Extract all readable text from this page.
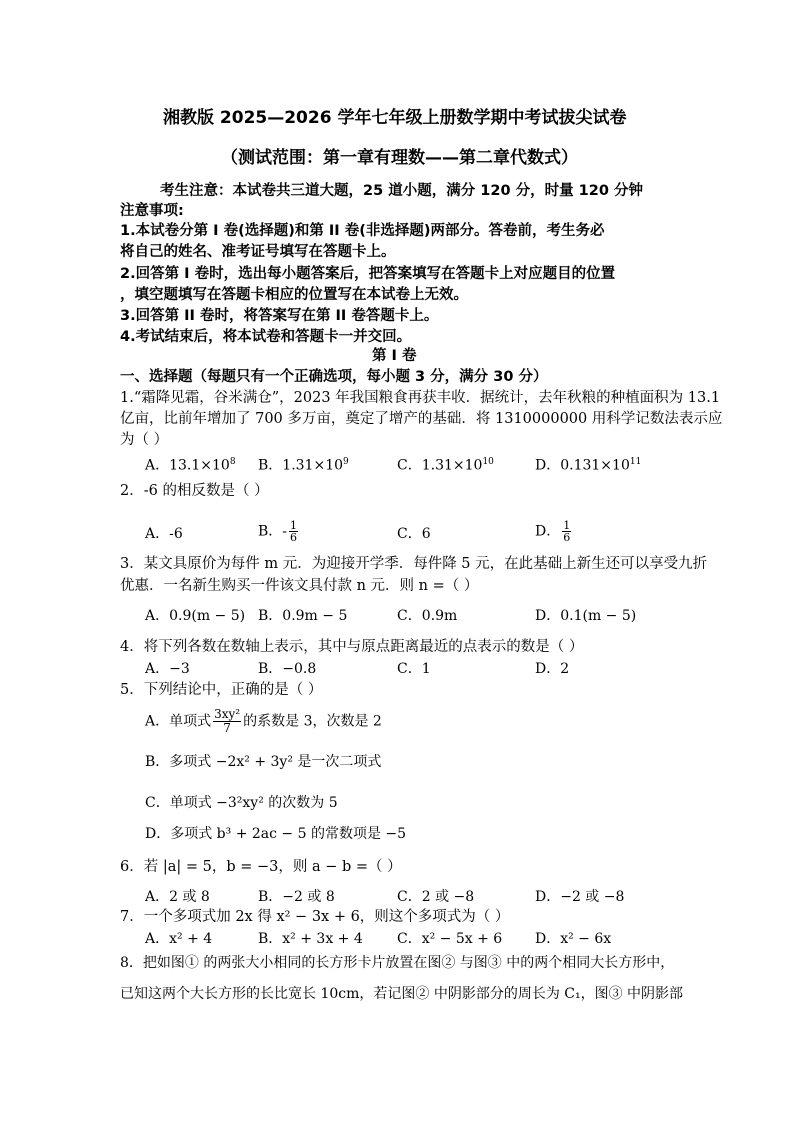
湘教版 2025—2026 学年七年级上册数学期中考试拔尖试卷
（测试范围：第一章有理数——第二章代数式）
考生注意：本试卷共三道大题，25 道小题，满分 120 分，时量 120 分钟
注意事项:
1.本试卷分第 I 卷(选择题)和第 II 卷(非选择题)两部分。答卷前，考生务必
将自己的姓名、准考证号填写在答题卡上。
2.回答第 I 卷时，选出每小题答案后，把答案填写在答题卡上对应题目的位置
，填空题填写在答题卡相应的位置写在本试卷上无效。
3.回答第 II 卷时，将答案写在第 II 卷答题卡上。
4.考试结束后，将本试卷和答题卡一并交回。
第 I 卷
一、选择题（每题只有一个正确选项，每小题 3 分，满分 30 分）
1.“霜降见霜，谷米满仓”，2023 年我国粮食再获丰收．据统计，去年秋粮的种植面积为 13.1
亿亩，比前年增加了 700 多万亩，奠定了增产的基础．将 1310000000 用科学记数法表示应
为（ ）
A．$13.1\times 10^8$ B．$1.31\times 10^9$	C．$1.31\times 10^{10}$	D．$0.131\times 10^{11}$
2．-6 的相反数是（ ）
A．-6	B．- $\frac{1}{6}$	C．6	D． $\frac{1}{6}$
3．某文具原价为每件 m 元．为迎接开学季．每件降 5 元，在此基础上新生还可以享受九折
优惠．一名新生购买一件该文具付款 n 元．则 n =（ ）
A．0.9(m − 5) B．0.9m − 5	C．0.9m	D．0.1(m − 5)
4．将下列各数在数轴上表示，其中与原点距离最近的点表示的数是（ ）
A．−3	B．−0.8	C．1	D．2
5．下列结论中，正确的是（ ）
A．单项式 $\frac{\text{3xy²}}{7}$ 的系数是 3，次数是 2
B．多项式 −2x² + 3y² 是一次二项式
C．单项式 −3²xy² 的次数为 5
D．多项式 b³ + 2ac − 5 的常数项是 −5
6．若 |a| = 5，b = −3，则 a − b =（ ）
A．2 或 8	B．−2 或 8	C．2 或 −8	D．−2 或 −8
7．一个多项式加 2x 得 x² − 3x + 6，则这个多项式为（ ）
A．x² + 4	B．x² + 3x + 4 C．x² − 5x + 6 D．x² − 6x
8．把如图① 的两张大小相同的长方形卡片放置在图② 与图③ 中的两个相同大长方形中，
已知这两个大长方形的长比宽长 10cm，若记图② 中阴影部分的周长为 C₁，图③ 中阴影部
